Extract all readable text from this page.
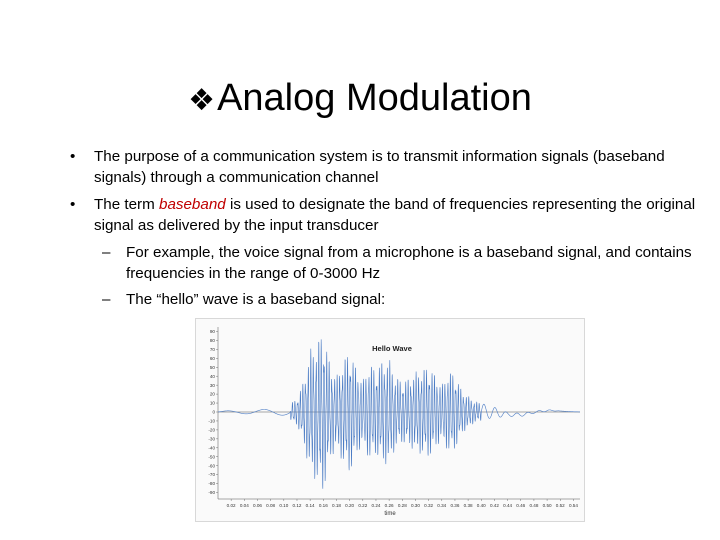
❖Analog Modulation
• The purpose of a communication system is to transmit information signals (baseband signals) through a communication channel
• The term baseband is used to designate the band of frequencies representing the original signal as delivered by the input transducer
– For example, the voice signal from a microphone is a baseband signal, and contains frequencies in the range of 0-3000 Hz
– The “hello” wave is a baseband signal:
Hello Wave
time
90
80
70
60
50
40
30
20
10
0
-10
-20
-30
-40
-50
-60
-70
-80
-90
0.02 0.04 0.06 0.08 0.10 0.12 0.14 0.16 0.18 0.20 0.22 0.24 0.26 0.28 0.30 0.32 0.34 0.36 0.38 0.40 0.42 0.44 0.46 0.48 0.50 0.52 0.54
